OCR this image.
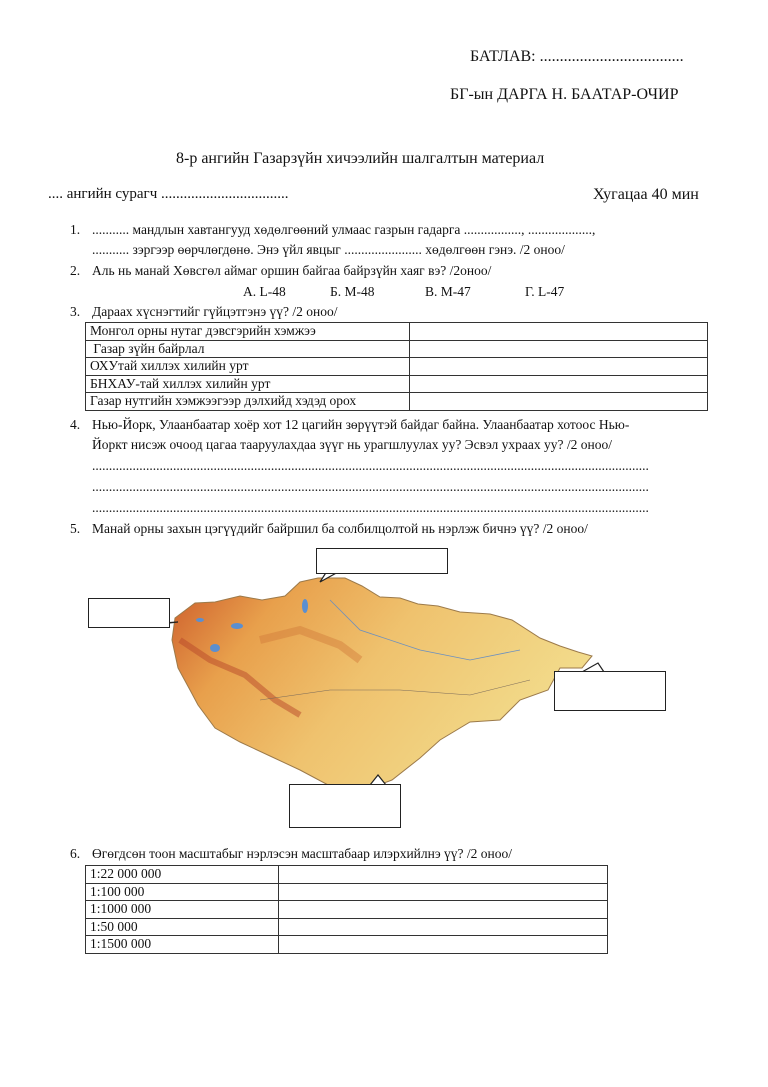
БАТЛАВ: ....................................
БГ-ын ДАРГА Н. БААТАР-ОЧИР
8-р ангийн Газарзүйн хичээлийн шалгалтын материал
.... ангийн сурагч ..................................	Хугацаа 40 мин
1. ........... мандлын хавтангууд хөдөлгөөний улмаас газрын гадарга ................., ...................,
........... зэргээр өөрчлөгдөнө. Энэ үйл явцыг ....................... хөдөлгөөн гэнэ. /2 оноо/
2. Аль нь манай Хөвсгөл аймаг оршин байгаа байрзүйн хаяг вэ? /2оноо/
А. L-48	Б. М-48	В. М-47	Г. L-47
3. Дараах хүснэгтийг гүйцэтгэнэ үү? /2 оноо/
Монгол орны нутаг дэвсгэрийн хэмжээ	
Газар зүйн байрлал	
ОХУтай хиллэх хилийн урт	
БНХАУ-тай хиллэх хилийн урт	
Газар нутгийн хэмжээгээр дэлхийд хэдэд орох	
4. Нью-Йорк, Улаанбаатар хоёр хот 12 цагийн зөрүүтэй байдаг байна. Улаанбаатар хотоос Нью-
Йоркт нисэж очоод цагаа тааруулахдаа зүүг нь урагшлуулах уу? Эсвэл ухраах уу? /2 оноо/
.....................................................................................................................................................................
.....................................................................................................................................................................
.....................................................................................................................................................................
5. Манай орны захын цэгүүдийг байршил ба солбилцолтой нь нэрлэж бичнэ үү? /2 оноо/
6. Өгөгдсөн тоон масштабыг нэрлэсэн масштабаар илэрхийлнэ үү? /2 оноо/
1:22 000 000	
1:100 000	
1:1000 000	
1:50 000	
1:1500 000	
